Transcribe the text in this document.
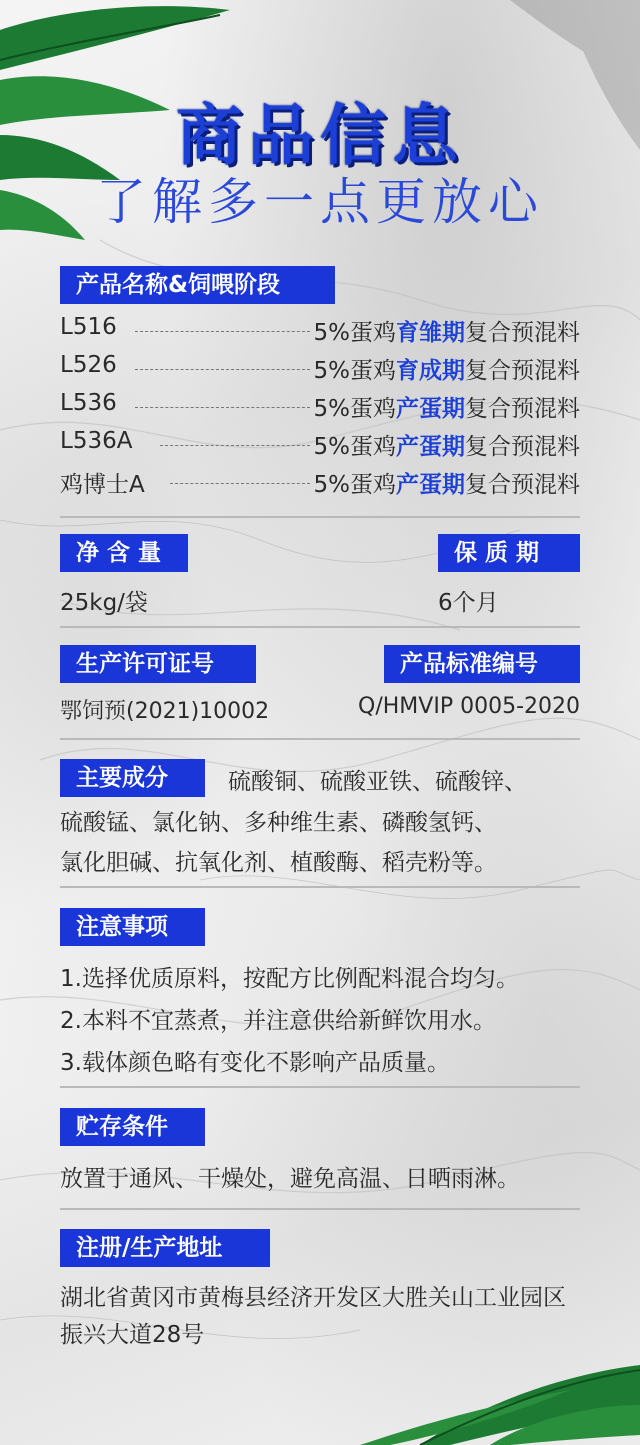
商品信息
了解多一点更放心
产品名称&饲喂阶段
L516	5%蛋鸡育雏期复合预混料
L526	5%蛋鸡育成期复合预混料
L536	5%蛋鸡产蛋期复合预混料
L536A	5%蛋鸡产蛋期复合预混料
鸡博士A	5%蛋鸡产蛋期复合预混料
净 含 量	保 质 期
25kg/袋	6个月
生产许可证号	产品标准编号
鄂饲预(2021)10002	Q/HMVIP 0005-2020
主要成分	硫酸铜、硫酸亚铁、硫酸锌、
硫酸锰、氯化钠、多种维生素、磷酸氢钙、
氯化胆碱、抗氧化剂、植酸酶、稻壳粉等。
注意事项
1.选择优质原料，按配方比例配料混合均匀。
2.本料不宜蒸煮，并注意供给新鲜饮用水。
3.载体颜色略有变化不影响产品质量。
贮存条件
放置于通风、干燥处，避免高温、日晒雨淋。
注册/生产地址
湖北省黄冈市黄梅县经济开发区大胜关山工业园区振兴大道28号
